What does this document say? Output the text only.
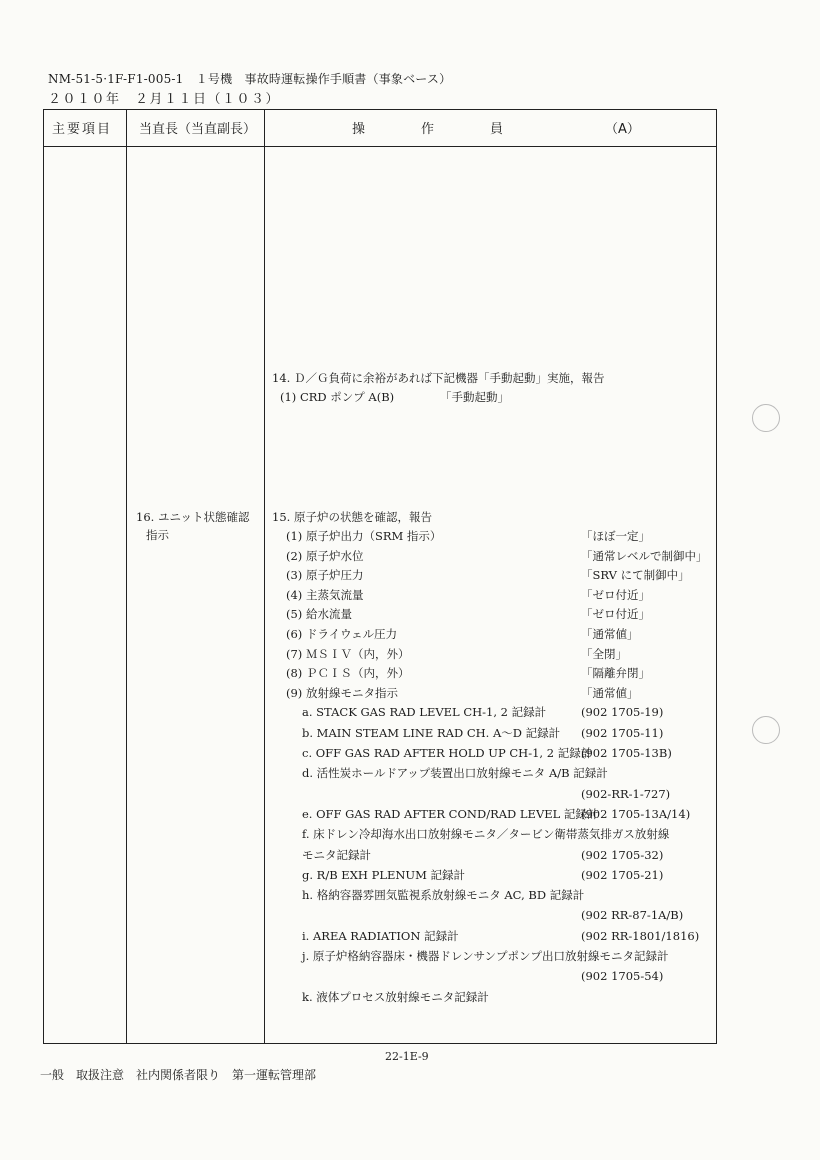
NM-51-5·1F-F1-005-1　１号機　事故時運転操作手順書（事象ベース）
２０１０年　２月１１日（１０３）
主要項目 当直長（当直副長）	操作員	（A）
14. Ｄ／Ｇ負荷に余裕があれば下記機器「手動起動」実施，報告
(1) CRD ポンプ A(B)	「手動起動」
16. ユニット状態確認
指示
15. 原子炉の状態を確認，報告
(1) 原子炉出力（SRM 指示）	「ほぼ一定」
(2) 原子炉水位	「通常レベルで制御中」
(3) 原子炉圧力	「SRV にて制御中」
(4) 主蒸気流量	「ゼロ付近」
(5) 給水流量	「ゼロ付近」
(6) ドライウェル圧力	「通常値」
(7) ＭＳＩＶ（内，外）	「全閉」
(8) ＰＣＩＳ（内，外）	「隔離弁閉」
(9) 放射線モニタ指示	「通常値」
a. STACK GAS RAD LEVEL CH-1, 2 記録計	(902 1705-19)
b. MAIN STEAM LINE RAD CH. A～D 記録計 (902 1705-11)
c. OFF GAS RAD AFTER HOLD UP CH-1, 2 記録計
(902 1705-13B)
d. 活性炭ホールドアップ装置出口放射線モニタ A/B 記録計
(902-RR-1-727)
e. OFF GAS RAD AFTER COND/RAD LEVEL 記録計
(902 1705-13A/14)
f. 床ドレン冷却海水出口放射線モニタ／タービン衛帯蒸気排ガス放射線
モニタ記録計	(902 1705-32)
g. R/B EXH PLENUM 記録計	(902 1705-21)
h. 格納容器雰囲気監視系放射線モニタ AC, BD 記録計
(902 RR-87-1A/B)
i. AREA RADIATION 記録計	(902 RR-1801/1816)
j. 原子炉格納容器床・機器ドレンサンプポンプ出口放射線モニタ記録計
(902 1705-54)
k. 液体プロセス放射線モニタ記録計
22-1E-9
一般　取扱注意　社内関係者限り　第一運転管理部
